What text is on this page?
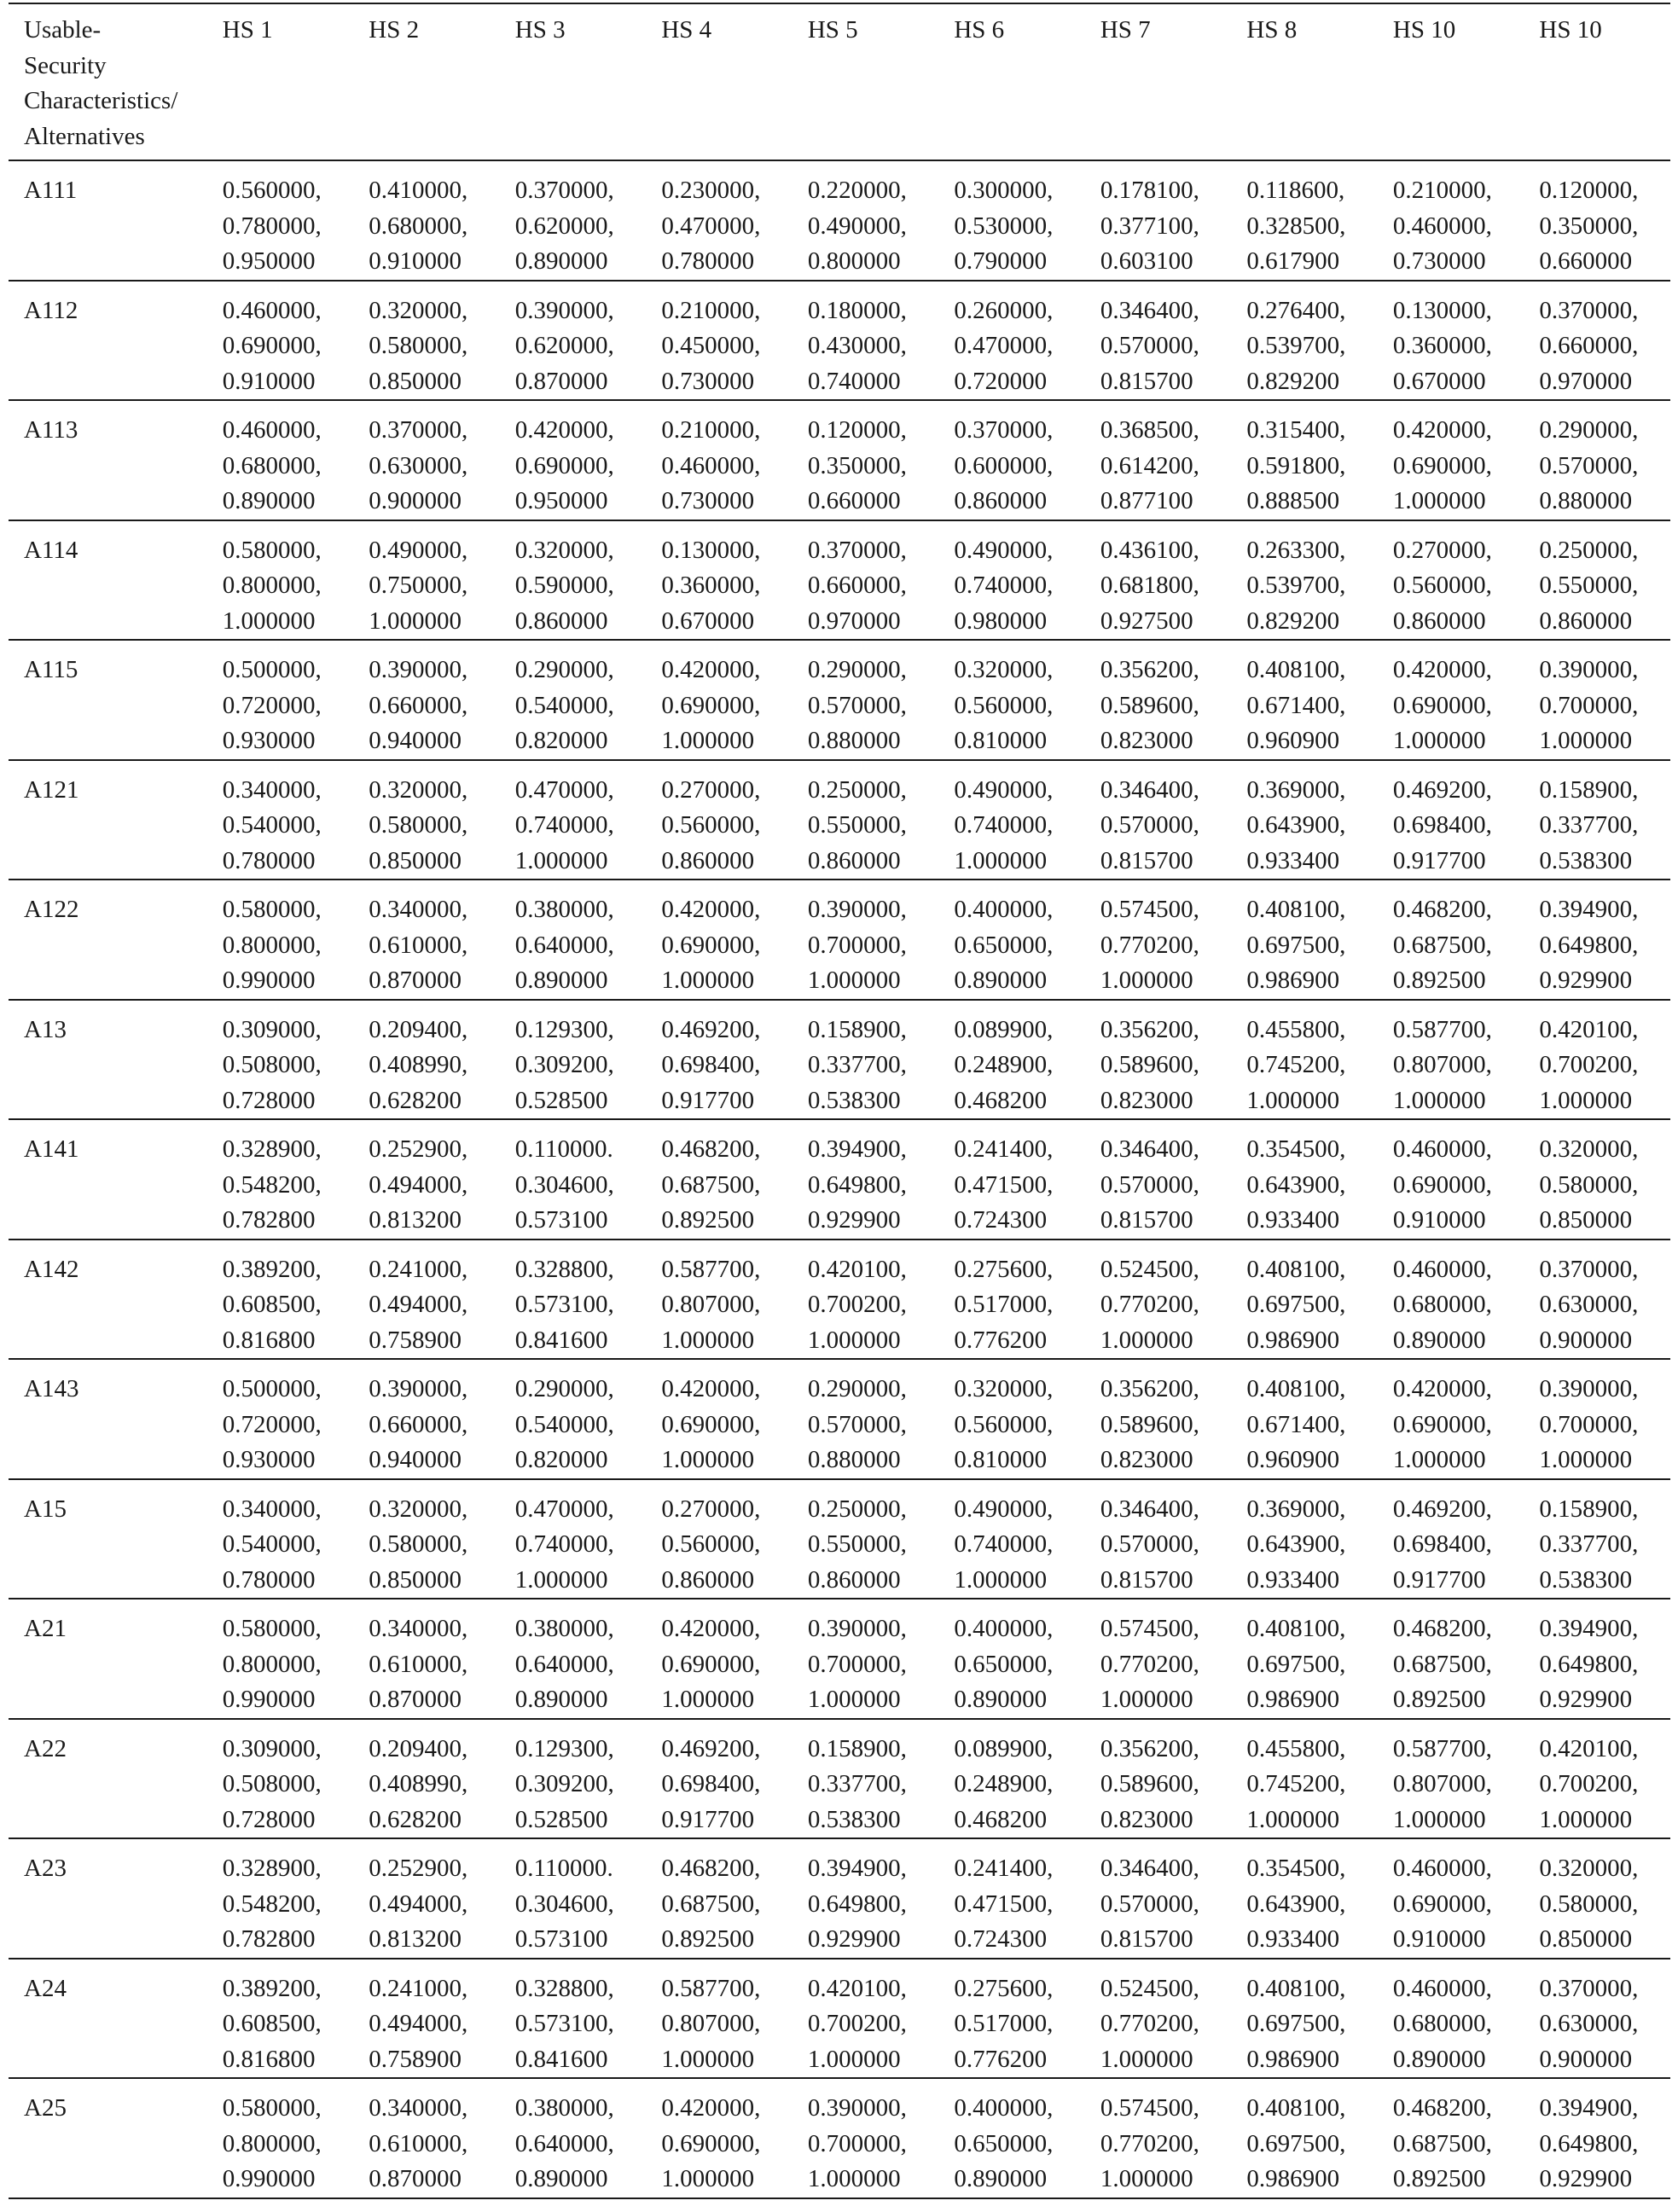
Usable-
Security
Characteristics/
Alternatives	HS 1	HS 2	HS 3	HS 4	HS 5	HS 6	HS 7	HS 8	HS 10	HS 10
A111	0.560000,
0.780000,
0.950000	0.410000,
0.680000,
0.910000	0.370000,
0.620000,
0.890000	0.230000,
0.470000,
0.780000	0.220000,
0.490000,
0.800000	0.300000,
0.530000,
0.790000	0.178100,
0.377100,
0.603100	0.118600,
0.328500,
0.617900	0.210000,
0.460000,
0.730000	0.120000,
0.350000,
0.660000

A112	0.460000,
0.690000,
0.910000	0.320000,
0.580000,
0.850000	0.390000,
0.620000,
0.870000	0.210000,
0.450000,
0.730000	0.180000,
0.430000,
0.740000	0.260000,
0.470000,
0.720000	0.346400,
0.570000,
0.815700	0.276400,
0.539700,
0.829200	0.130000,
0.360000,
0.670000	0.370000,
0.660000,
0.970000

A113	0.460000,
0.680000,
0.890000	0.370000,
0.630000,
0.900000	0.420000,
0.690000,
0.950000	0.210000,
0.460000,
0.730000	0.120000,
0.350000,
0.660000	0.370000,
0.600000,
0.860000	0.368500,
0.614200,
0.877100	0.315400,
0.591800,
0.888500	0.420000,
0.690000,
1.000000	0.290000,
0.570000,
0.880000

A114	0.580000,
0.800000,
1.000000	0.490000,
0.750000,
1.000000	0.320000,
0.590000,
0.860000	0.130000,
0.360000,
0.670000	0.370000,
0.660000,
0.970000	0.490000,
0.740000,
0.980000	0.436100,
0.681800,
0.927500	0.263300,
0.539700,
0.829200	0.270000,
0.560000,
0.860000	0.250000,
0.550000,
0.860000

A115	0.500000,
0.720000,
0.930000	0.390000,
0.660000,
0.940000	0.290000,
0.540000,
0.820000	0.420000,
0.690000,
1.000000	0.290000,
0.570000,
0.880000	0.320000,
0.560000,
0.810000	0.356200,
0.589600,
0.823000	0.408100,
0.671400,
0.960900	0.420000,
0.690000,
1.000000	0.390000,
0.700000,
1.000000

A121	0.340000,
0.540000,
0.780000	0.320000,
0.580000,
0.850000	0.470000,
0.740000,
1.000000	0.270000,
0.560000,
0.860000	0.250000,
0.550000,
0.860000	0.490000,
0.740000,
1.000000	0.346400,
0.570000,
0.815700	0.369000,
0.643900,
0.933400	0.469200,
0.698400,
0.917700	0.158900,
0.337700,
0.538300

A122	0.580000,
0.800000,
0.990000	0.340000,
0.610000,
0.870000	0.380000,
0.640000,
0.890000	0.420000,
0.690000,
1.000000	0.390000,
0.700000,
1.000000	0.400000,
0.650000,
0.890000	0.574500,
0.770200,
1.000000	0.408100,
0.697500,
0.986900	0.468200,
0.687500,
0.892500	0.394900,
0.649800,
0.929900

A13	0.309000,
0.508000,
0.728000	0.209400,
0.408990,
0.628200	0.129300,
0.309200,
0.528500	0.469200,
0.698400,
0.917700	0.158900,
0.337700,
0.538300	0.089900,
0.248900,
0.468200	0.356200,
0.589600,
0.823000	0.455800,
0.745200,
1.000000	0.587700,
0.807000,
1.000000	0.420100,
0.700200,
1.000000

A141	0.328900,
0.548200,
0.782800	0.252900,
0.494000,
0.813200	0.110000.
0.304600,
0.573100	0.468200,
0.687500,
0.892500	0.394900,
0.649800,
0.929900	0.241400,
0.471500,
0.724300	0.346400,
0.570000,
0.815700	0.354500,
0.643900,
0.933400	0.460000,
0.690000,
0.910000	0.320000,
0.580000,
0.850000

A142	0.389200,
0.608500,
0.816800	0.241000,
0.494000,
0.758900	0.328800,
0.573100,
0.841600	0.587700,
0.807000,
1.000000	0.420100,
0.700200,
1.000000	0.275600,
0.517000,
0.776200	0.524500,
0.770200,
1.000000	0.408100,
0.697500,
0.986900	0.460000,
0.680000,
0.890000	0.370000,
0.630000,
0.900000

A143	0.500000,
0.720000,
0.930000	0.390000,
0.660000,
0.940000	0.290000,
0.540000,
0.820000	0.420000,
0.690000,
1.000000	0.290000,
0.570000,
0.880000	0.320000,
0.560000,
0.810000	0.356200,
0.589600,
0.823000	0.408100,
0.671400,
0.960900	0.420000,
0.690000,
1.000000	0.390000,
0.700000,
1.000000

A15	0.340000,
0.540000,
0.780000	0.320000,
0.580000,
0.850000	0.470000,
0.740000,
1.000000	0.270000,
0.560000,
0.860000	0.250000,
0.550000,
0.860000	0.490000,
0.740000,
1.000000	0.346400,
0.570000,
0.815700	0.369000,
0.643900,
0.933400	0.469200,
0.698400,
0.917700	0.158900,
0.337700,
0.538300

A21	0.580000,
0.800000,
0.990000	0.340000,
0.610000,
0.870000	0.380000,
0.640000,
0.890000	0.420000,
0.690000,
1.000000	0.390000,
0.700000,
1.000000	0.400000,
0.650000,
0.890000	0.574500,
0.770200,
1.000000	0.408100,
0.697500,
0.986900	0.468200,
0.687500,
0.892500	0.394900,
0.649800,
0.929900

A22	0.309000,
0.508000,
0.728000	0.209400,
0.408990,
0.628200	0.129300,
0.309200,
0.528500	0.469200,
0.698400,
0.917700	0.158900,
0.337700,
0.538300	0.089900,
0.248900,
0.468200	0.356200,
0.589600,
0.823000	0.455800,
0.745200,
1.000000	0.587700,
0.807000,
1.000000	0.420100,
0.700200,
1.000000

A23	0.328900,
0.548200,
0.782800	0.252900,
0.494000,
0.813200	0.110000.
0.304600,
0.573100	0.468200,
0.687500,
0.892500	0.394900,
0.649800,
0.929900	0.241400,
0.471500,
0.724300	0.346400,
0.570000,
0.815700	0.354500,
0.643900,
0.933400	0.460000,
0.690000,
0.910000	0.320000,
0.580000,
0.850000

A24	0.389200,
0.608500,
0.816800	0.241000,
0.494000,
0.758900	0.328800,
0.573100,
0.841600	0.587700,
0.807000,
1.000000	0.420100,
0.700200,
1.000000	0.275600,
0.517000,
0.776200	0.524500,
0.770200,
1.000000	0.408100,
0.697500,
0.986900	0.460000,
0.680000,
0.890000	0.370000,
0.630000,
0.900000

A25	0.580000,
0.800000,
0.990000	0.340000,
0.610000,
0.870000	0.380000,
0.640000,
0.890000	0.420000,
0.690000,
1.000000	0.390000,
0.700000,
1.000000	0.400000,
0.650000,
0.890000	0.574500,
0.770200,
1.000000	0.408100,
0.697500,
0.986900	0.468200,
0.687500,
0.892500	0.394900,
0.649800,
0.929900
